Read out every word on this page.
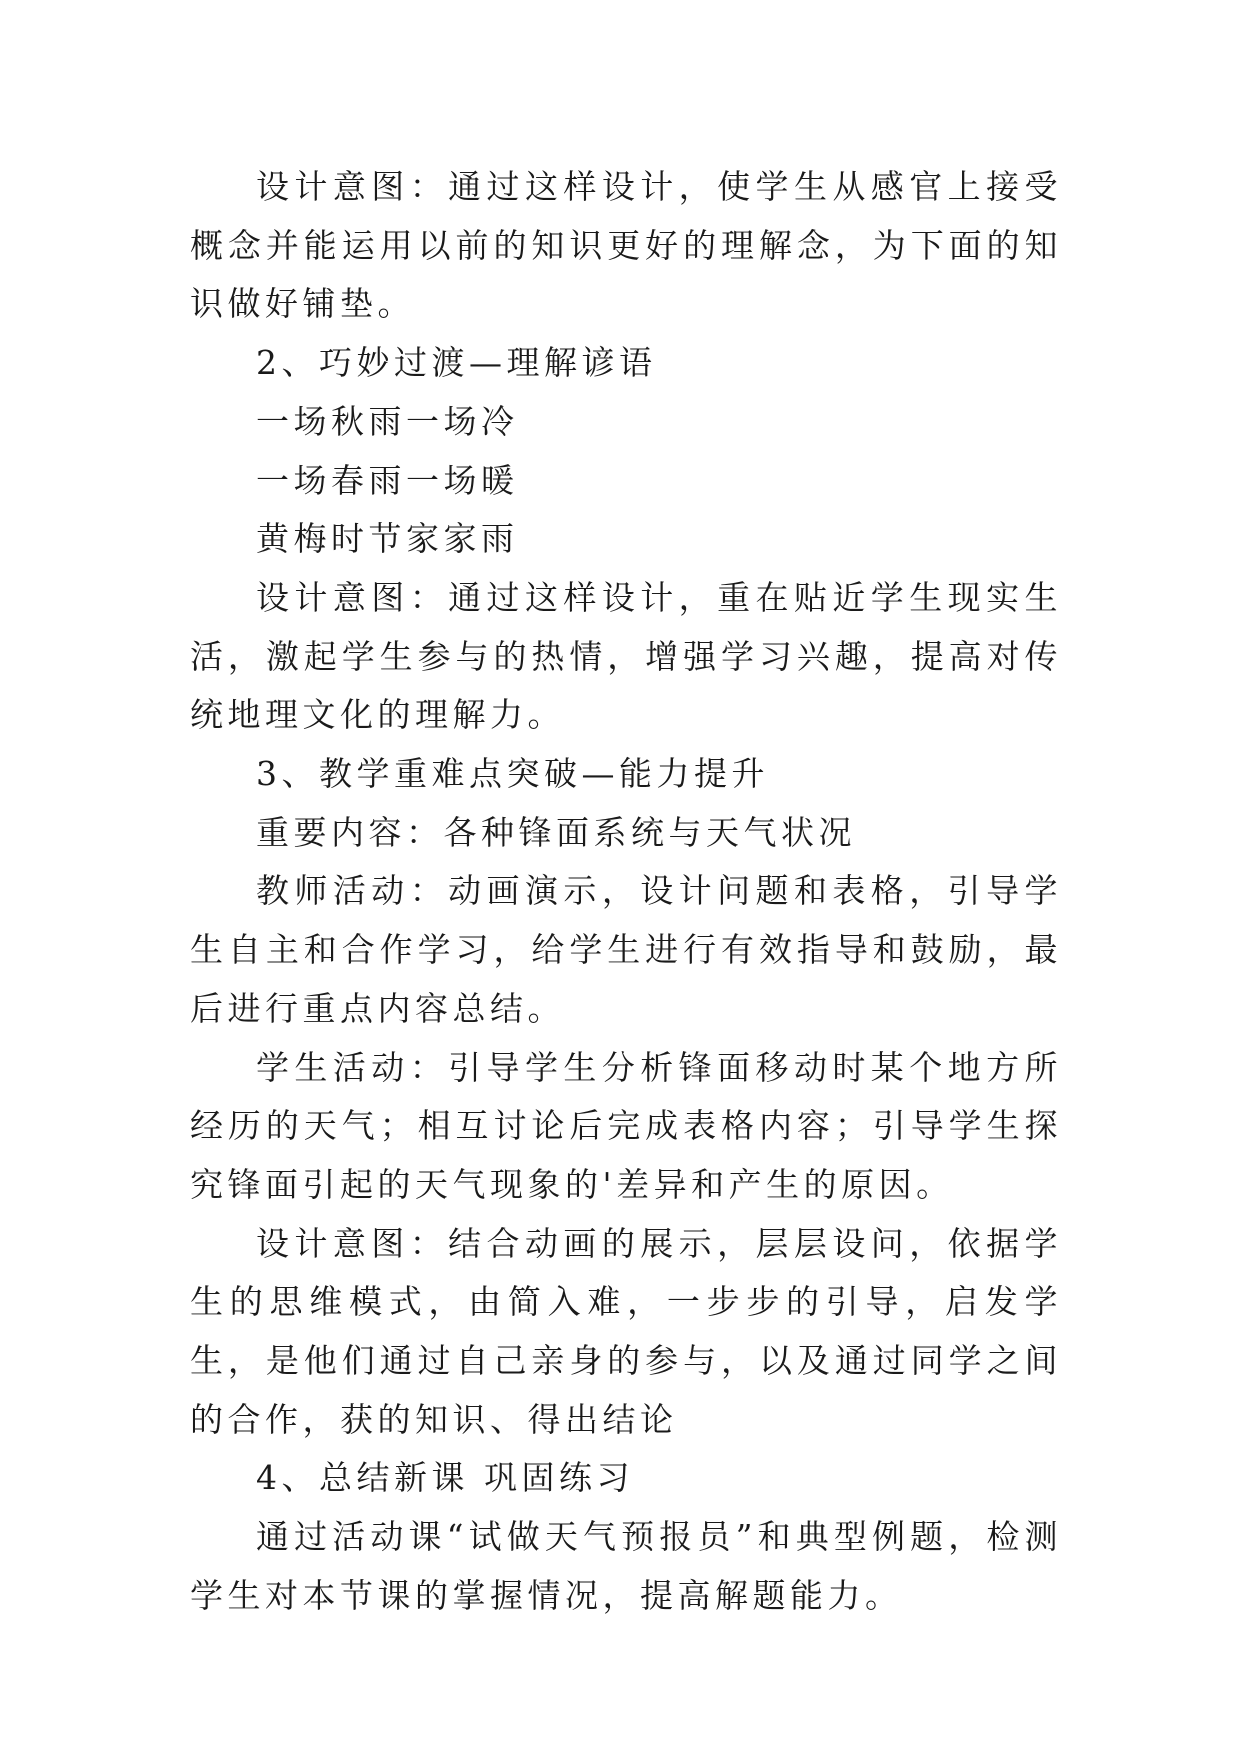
设计意图：通过这样设计，使学生从感官上接受概念并能运用以前的知识更好的理解念，为下面的知识做好铺垫。

2、巧妙过渡—理解谚语

一场秋雨一场冷

一场春雨一场暖

黄梅时节家家雨

设计意图：通过这样设计，重在贴近学生现实生活，激起学生参与的热情，增强学习兴趣，提高对传统地理文化的理解力。

3、教学重难点突破—能力提升

重要内容：各种锋面系统与天气状况

教师活动：动画演示，设计问题和表格，引导学生自主和合作学习，给学生进行有效指导和鼓励，最后进行重点内容总结。

学生活动：引导学生分析锋面移动时某个地方所经历的天气；相互讨论后完成表格内容；引导学生探究锋面引起的天气现象的'差异和产生的原因。

设计意图：结合动画的展示，层层设问，依据学生的思维模式，由简入难，一步步的引导，启发学生，是他们通过自己亲身的参与，以及通过同学之间的合作，获的知识、得出结论

4、总结新课 巩固练习

通过活动课“试做天气预报员”和典型例题，检测学生对本节课的掌握情况，提高解题能力。
